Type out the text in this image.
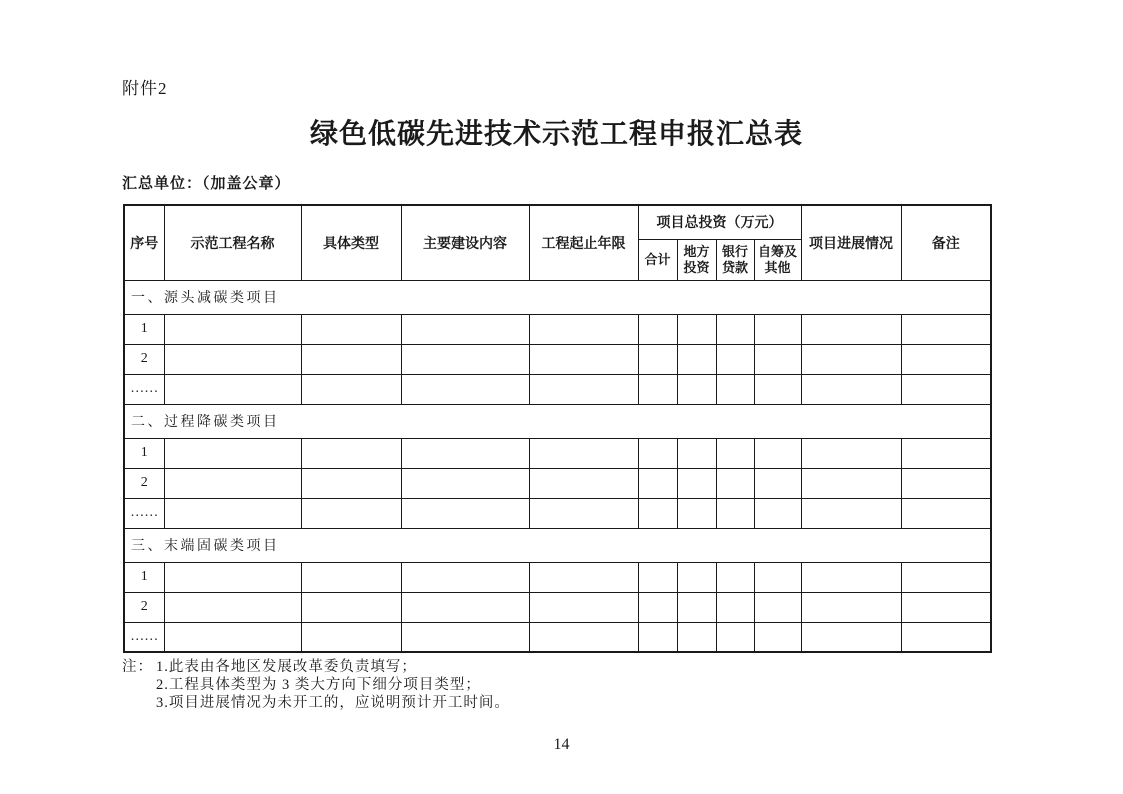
附件2
绿色低碳先进技术示范工程申报汇总表
汇总单位：（加盖公章）
序号	示范工程名称	具体类型	主要建设内容	工程起止年限	项目总投资（万元）				项目进展情况	备注
					合计	地方投资	银行贷款	自筹及其他		
一、源头减碳类项目										
1										
2										
……										
二、过程降碳类项目										
1										
2										
……										
三、末端固碳类项目										
1										
2										
……										
注： 1.此表由各地区发展改革委负责填写；
2.工程具体类型为 3 类大方向下细分项目类型；
3.项目进展情况为未开工的，应说明预计开工时间。
14
